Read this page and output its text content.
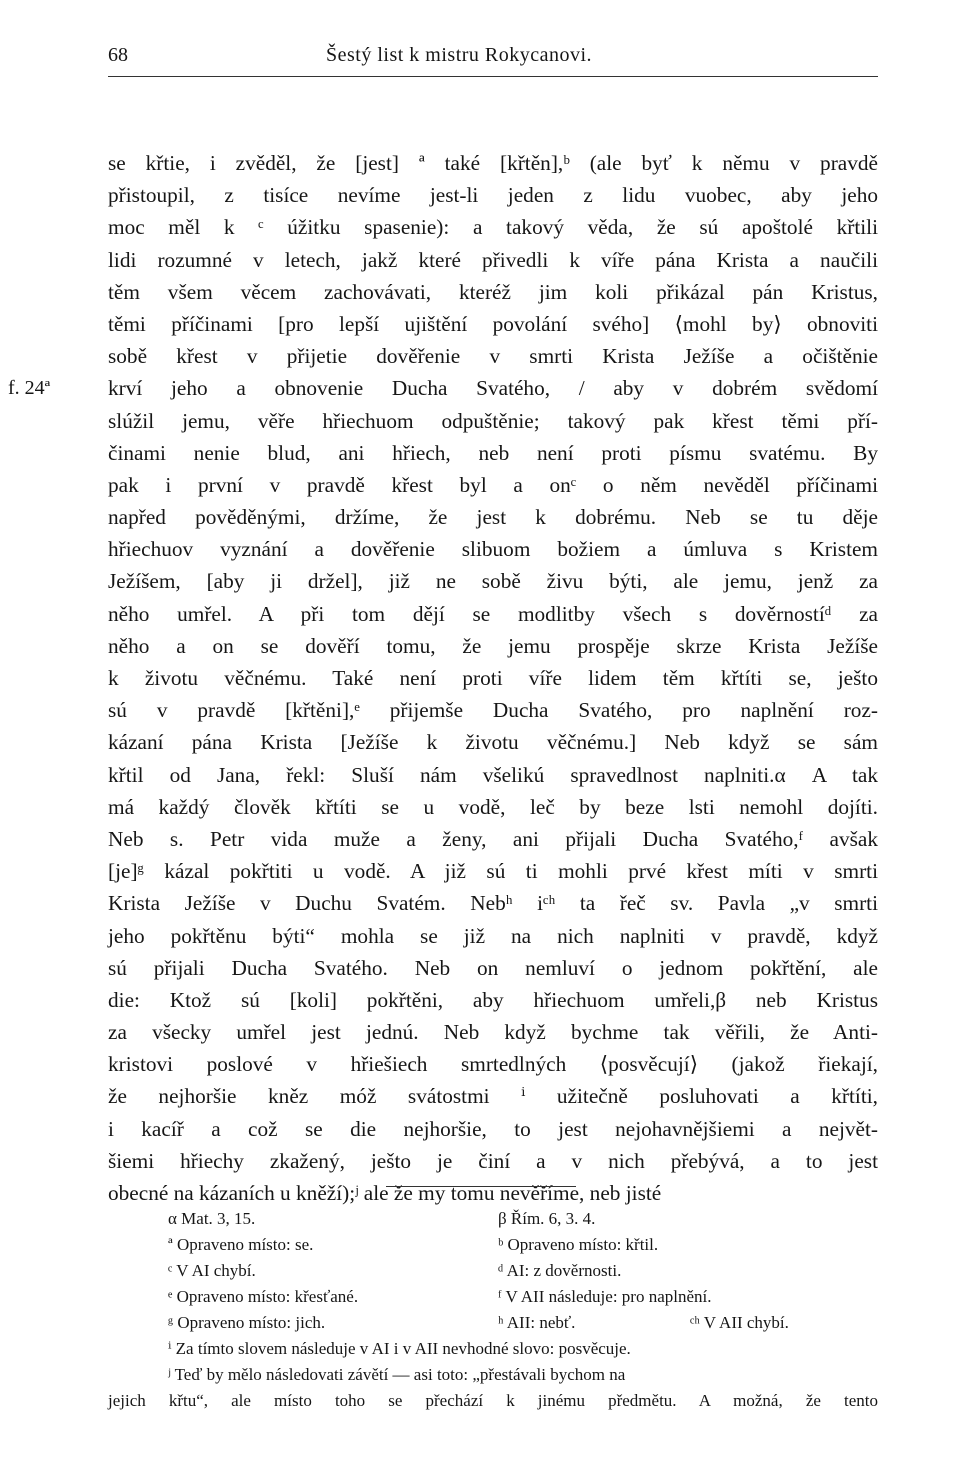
68	Šestý list k mistru Rokycanovi.
se křtie, i zvěděl, že [jest] ª také [křtěn],ᵇ (ale byť k němu v pravdě
přistoupil, z tisíce nevíme jest-li jeden z lidu vuobec, aby jeho
moc měl k ᶜ úžitku spasenie): a takový věda, že sú apoštolé křtili
lidi rozumné v letech, jakž které přivedli k víře pána Krista a naučili
těm všem věcem zachovávati, kteréž jim koli přikázal pán Kristus,
těmi příčinami [pro lepší ujištění povolání svého] ⟨mohl by⟩ obnoviti
sobě křest v přijetie dověřenie v smrti Krista Ježíše a očištěnie
f. 24ª	krví jeho a obnovenie Ducha Svatého, / aby v dobrém svědomí
slúžil jemu, věře hřiechuom odpuštěnie; takový pak křest těmi pří-
činami nenie blud, ani hřiech, neb není proti písmu svatému. By
pak i první v pravdě křest byl a onᶜ o něm nevěděl příčinami
napřed pověděnými, držíme, že jest k dobrému. Neb se tu děje
hřiechuov vyznání a dověřenie slibuom božiem a úmluva s Kristem
Ježíšem, [aby ji držel], již ne sobě živu býti, ale jemu, jenž za
něho umřel. A při tom dějí se modlitby všech s dověrnostíᵈ za
něho a on se dověří tomu, že jemu prospěje skrze Krista Ježíše
k životu věčnému. Také není proti víře lidem těm křtíti se, ješto
sú v pravdě [křtěni],ᵉ přijemše Ducha Svatého, pro naplnění roz-
kázaní pána Krista [Ježíše k životu věčnému.] Neb když se sám
křtil od Jana, řekl: Sluší nám všelikú spravedlnost naplniti.α A tak
má každý člověk křtíti se u vodě, leč by beze lsti nemohl dojíti.
Neb s. Petr vida muže a ženy, ani přijali Ducha Svatého,ᶠ avšak
[je]ᵍ kázal pokřtiti u vodě. A již sú ti mohli prvé křest míti v smrti
Krista Ježíše v Duchu Svatém. Nebʰ iᶜʰ ta řeč sv. Pavla „v smrti
jeho pokřtěnu býti“ mohla se již na nich naplniti v pravdě, když
sú přijali Ducha Svatého. Neb on nemluví o jednom pokřtění, ale
die: Ktož sú [koli] pokřtěni, aby hřiechuom umřeli,β neb Kristus
za všecky umřel jest jednú. Neb když bychme tak věřili, že Anti-
kristovi poslové v hřiešiech smrtedlných ⟨posvěcují⟩ (jakož řiekají,
že nejhoršie kněz móž svátostmi ⁱ užitečně posluhovati a křtíti,
i kacíř a což se die nejhoršie, to jest nejohavnějšiemi a největ-
šiemi hřiechy zkažený, ješto je činí a v nich přebývá, a to jest
obecné na kázaních u kněží);ʲ ale že my tomu nevěříme, neb jisté
α Mat. 3, 15.	β Řím. 6, 3. 4.
ª Opraveno místo: se.	ᵇ Opraveno místo: křtil.
ᶜ V AI chybí.	ᵈ AI: z dověrnosti.
ᵉ Opraveno místo: křesťané.	ᶠ V AII následuje: pro naplnění.
ᵍ Opraveno místo: jich.	ʰ AII: nebť.	ᶜʰ V AII chybí.
ⁱ Za tímto slovem následuje v AI i v AII nevhodné slovo: posvěcuje.
ʲ Teď by mělo následovati závětí — asi toto: „přestávali bychom na
jejich křtu“, ale místo toho se přechází k jinému předmětu. A možná, že tento
